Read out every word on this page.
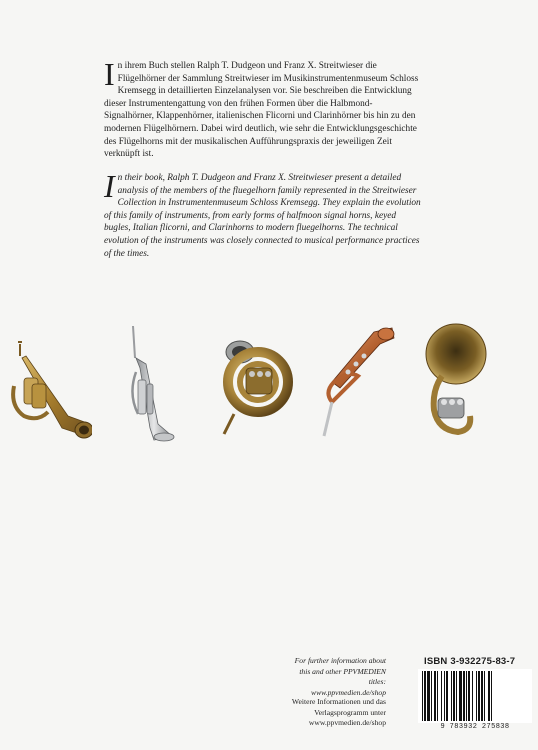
In ihrem Buch stellen Ralph T. Dudgeon und Franz X. Streitwieser die Flügelhörner der Sammlung Streitwieser im Musikinstrumentenmuseum Schloss Kremsegg in detaillierten Einzelanalysen vor. Sie beschreiben die Entwicklung dieser Instrumentengattung von den frühen Formen über die Halbmond-Signalhörner, Klappenhörner, italienischen Flicorni und Clarinhörner bis hin zu den modernen Flügelhörnern. Dabei wird deutlich, wie sehr die Entwicklungsgeschichte des Flügelhorns mit der musikalischen Aufführungspraxis der jeweiligen Zeit verknüpft ist.
In their book, Ralph T. Dudgeon and Franz X. Streitwieser present a detailed analysis of the members of the fluegelhorn family represented in the Streitwieser Collection in Instrumentenmuseum Schloss Kremsegg. They explain the evolution of this family of instruments, from early forms of halfmoon signal horns, keyed bugles, Italian flicorni, and Clarinhorns to modern fluegelhorns. The technical evolution of the instruments was closely connected to musical performance practices of the times.
For further information about
this and other PPVMEDIEN titles:
www.ppvmedien.de/shop
Weitere Informationen und das
Verlagsprogramm unter
www.ppvmedien.de/shop
ISBN 3-932275-83-7
9 783932 275838
